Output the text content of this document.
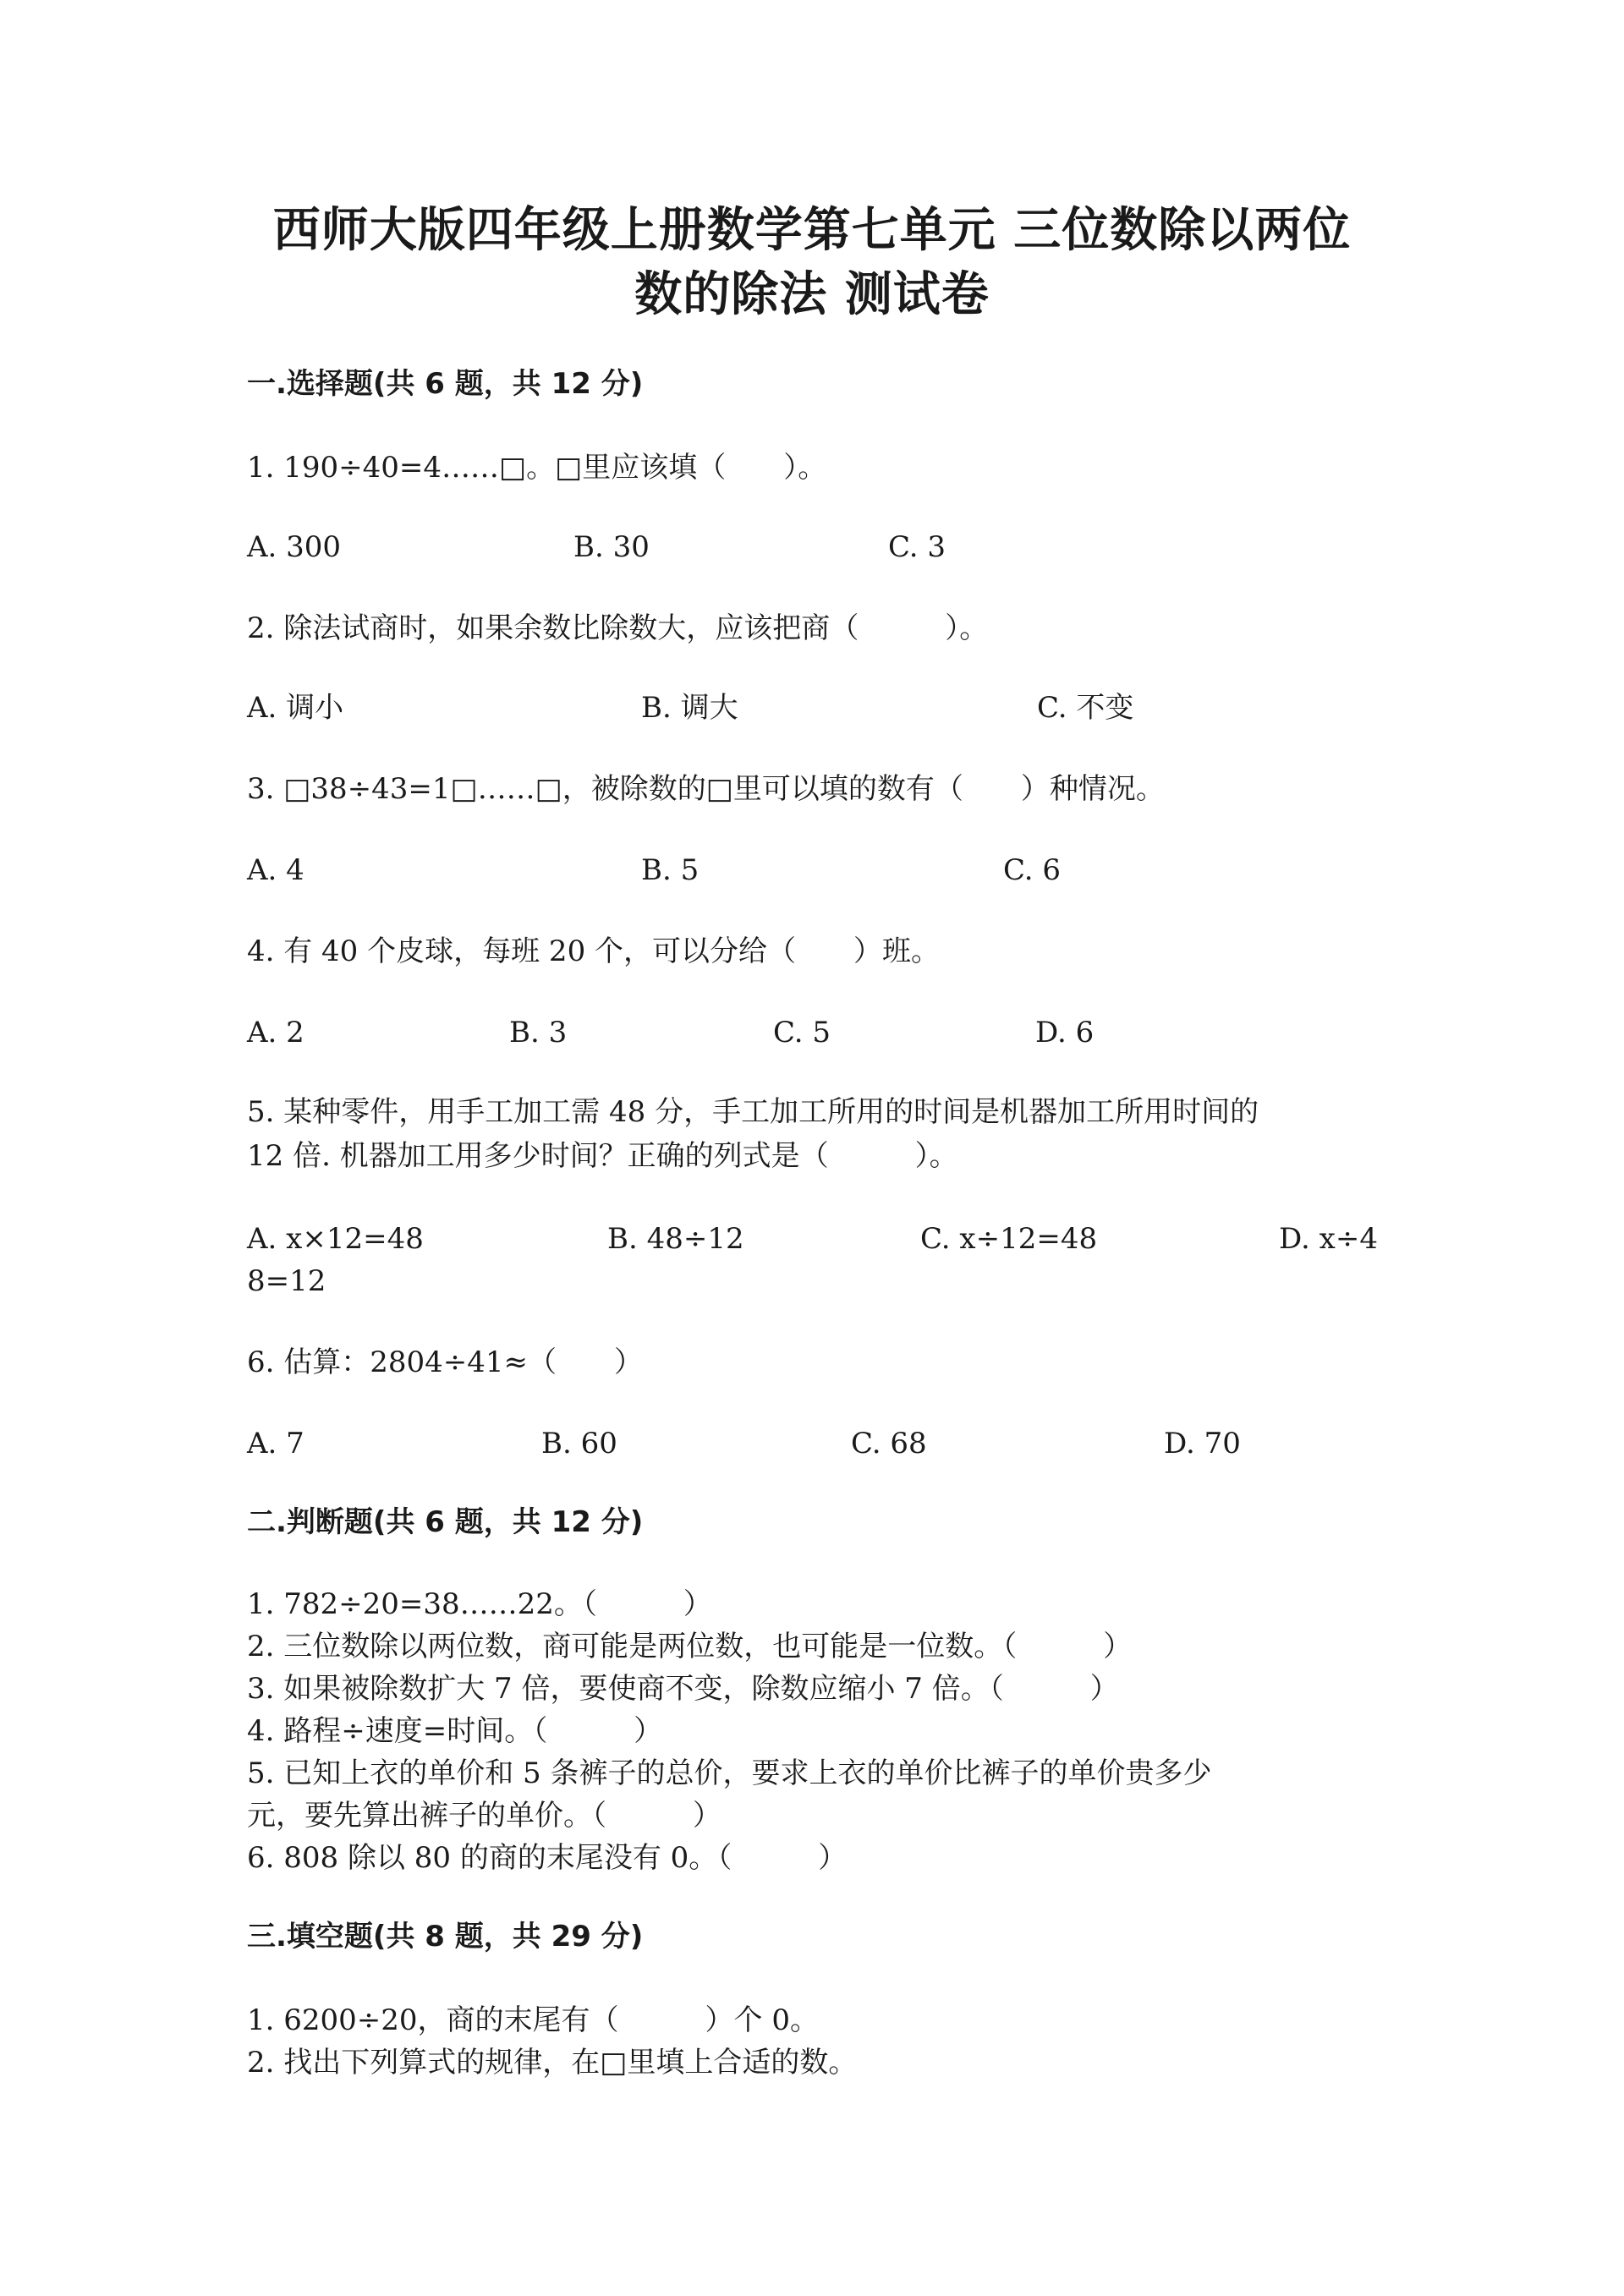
西师大版四年级上册数学第七单元 三位数除以两位
数的除法 测试卷
一.选择题(共 6 题，共 12 分)
1. 190÷40=4……□。□里应该填（　　）。
A. 300	B. 30	C. 3
2. 除法试商时，如果余数比除数大，应该把商（　　　）。
A. 调小	B. 调大	C. 不变
3. □38÷43=1□……□，被除数的□里可以填的数有（　　）种情况。
A. 4	B. 5	C. 6
4. 有 40 个皮球，每班 20 个，可以分给（　　）班。
A. 2	B. 3	C. 5	D. 6
5. 某种零件，用手工加工需 48 分，手工加工所用的时间是机器加工所用时间的
12 倍. 机器加工用多少时间？正确的列式是（　　　）。
A. x×12=48	B. 48÷12	C. x÷12=48	D. x÷4
8=12
6. 估算：2804÷41≈（　　）
A. 7	B. 60	C. 68	D. 70
二.判断题(共 6 题，共 12 分)
1. 782÷20=38……22。（　　　）
2. 三位数除以两位数，商可能是两位数，也可能是一位数。（　　　）
3. 如果被除数扩大 7 倍，要使商不变，除数应缩小 7 倍。（　　　）
4. 路程÷速度=时间。（　　　）
5. 已知上衣的单价和 5 条裤子的总价，要求上衣的单价比裤子的单价贵多少
元，要先算出裤子的单价。（　　　）
6. 808 除以 80 的商的末尾没有 0。（　　　）
三.填空题(共 8 题，共 29 分)
1. 6200÷20，商的末尾有（　　　）个 0。
2. 找出下列算式的规律，在□里填上合适的数。
